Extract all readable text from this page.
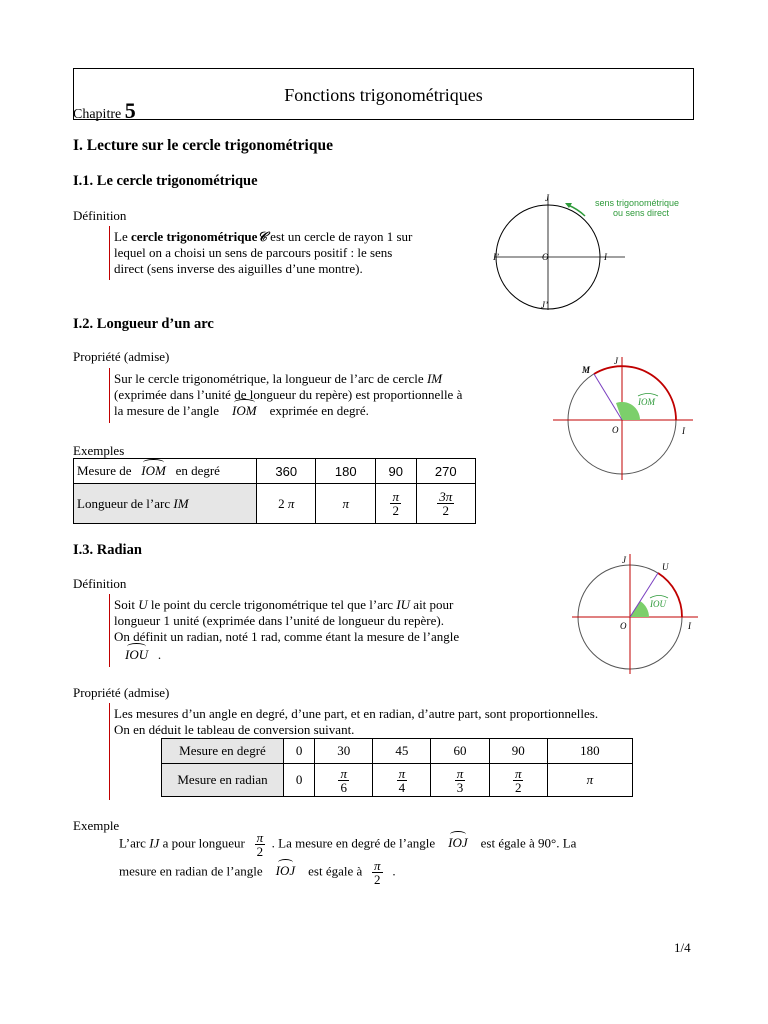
Fonctions trigonométriques
Chapitre 5
I. Lecture sur le cercle trigonométrique
I.1. Le cercle trigonométrique
Définition
Le cercle trigonométrique𝒞 est un cercle de rayon 1 sur
lequel on a choisi un sens de parcours positif : le sens
direct (sens inverse des aiguilles d’une montre).
J
I
O
I’
J’
sens trigonométrique
ou sens direct
I.2. Longueur d’un arc
Propriété (admise)
Sur le cercle trigonométrique, la longueur de l’arc de cercle IM
(exprimée dans l’unité de longueur du repère) est proportionnelle à
la mesure de l’angle IOM exprimée en degré.
M
J
O	I
IOM
Exemples
Mesure de IOM en degré	360	180	90	270
Longueur de l’arc IM	2 π	π	$\frac{\pi}{2}$	$\frac{3\pi}{2}$
I.3. Radian
Définition
Soit U le point du cercle trigonométrique tel que l’arc IU ait pour
longueur 1 unité (exprimée dans l’unité de longueur du repère).
On définit un radian, noté 1 rad, comme étant la mesure de l’angle
IOU .
J
U
O	I
IOU
Propriété (admise)
Les mesures d’un angle en degré, d’une part, et en radian, d’autre part, sont proportionnelles.
On en déduit le tableau de conversion suivant.
Mesure en degré	0	30	45	60	90	180
Mesure en radian	0	$\frac{\pi}{6}$	$\frac{\pi}{4}$	$\frac{\pi}{3}$	$\frac{\pi}{2}$	π
Exemple
L’arc IJ a pour longueur $\frac{\pi}{2}$ . La mesure en degré de l’angle IOJ est égale à 90°. La
mesure en radian de l’angle IOJ est égale à $\frac{\pi}{2}$ .
1/4
